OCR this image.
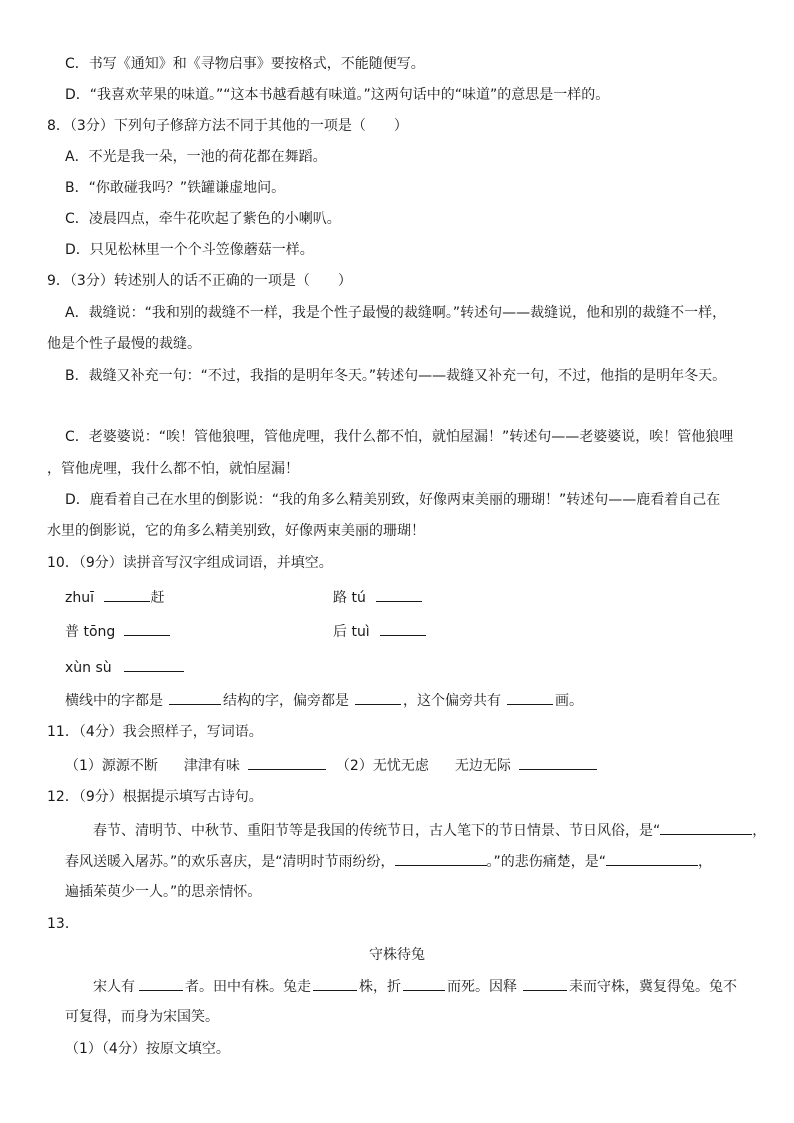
C．书写《通知》和《寻物启事》要按格式，不能随便写。
D．“我喜欢苹果的味道。”“这本书越看越有味道。”这两句话中的“味道”的意思是一样的。
8．（3分）下列句子修辞方法不同于其他的一项是（　　）
A．不光是我一朵，一池的荷花都在舞蹈。
B．“你敢碰我吗？”铁罐谦虚地问。
C．凌晨四点，牵牛花吹起了紫色的小喇叭。
D．只见松林里一个个斗笠像蘑菇一样。
9．（3分）转述别人的话不正确的一项是（　　）
A．裁缝说：“我和别的裁缝不一样，我是个性子最慢的裁缝啊。”转述句——裁缝说，他和别的裁缝不一样，
他是个性子最慢的裁缝。
B．裁缝又补充一句：“不过，我指的是明年冬天。”转述句——裁缝又补充一句，不过，他指的是明年冬天。
C．老婆婆说：“唉！管他狼哩，管他虎哩，我什么都不怕，就怕屋漏！”转述句——老婆婆说，唉！管他狼哩
，管他虎哩，我什么都不怕，就怕屋漏！
D．鹿看着自己在水里的倒影说：“我的角多么精美别致，好像两束美丽的珊瑚！”转述句——鹿看着自己在
水里的倒影说，它的角多么精美别致，好像两束美丽的珊瑚！
10．（9分）读拼音写汉字组成词语，并填空。
zhuī	赶	路 tú
普 tōng	后 tuì
xùn sù
横线中的字都是	结构的字，偏旁都是	，这个偏旁共有	画。
11．（4分）我会照样子，写词语。
（1）源源不断 津津有味	（2）无忧无虑 无边无际
12．（9分）根据提示填写古诗句。
春节、清明节、中秋节、重阳节等是我国的传统节日，古人笔下的节日情景、节日风俗，是“	，
春风送暖入屠苏。”的欢乐喜庆，是“清明时节雨纷纷，	。”的悲伤痛楚，是“	，
遍插茱萸少一人。”的思亲情怀。
13．
守株待兔
宋人有	者。田中有株。兔走	株，折	而死。因释	耒而守株，冀复得兔。兔不
可复得，而身为宋国笑。
（1）（4分）按原文填空。
